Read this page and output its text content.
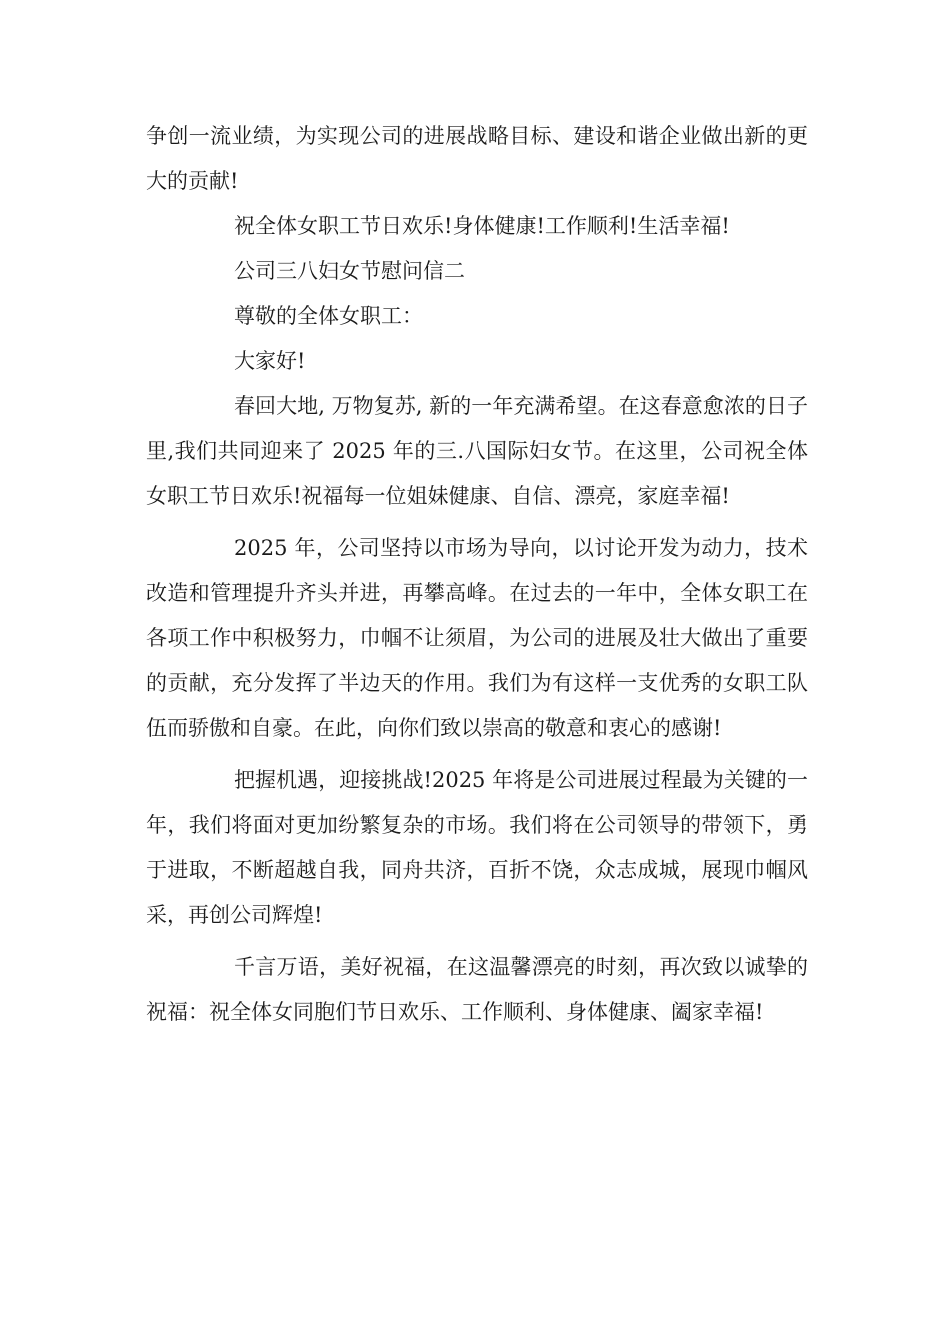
争创一流业绩，为实现公司的进展战略目标、建设和谐企业做出新的更大的贡献!

祝全体女职工节日欢乐!身体健康!工作顺利!生活幸福!

公司三八妇女节慰问信二

尊敬的全体女职工：

大家好!

春回大地, 万物复苏, 新的一年充满希望。在这春意愈浓的日子里,我们共同迎来了 2025 年的三.八国际妇女节。在这里，公司祝全体女职工节日欢乐!祝福每一位姐妹健康、自信、漂亮，家庭幸福!

2025 年，公司坚持以市场为导向，以讨论开发为动力，技术改造和管理提升齐头并进，再攀高峰。在过去的一年中，全体女职工在各项工作中积极努力，巾帼不让须眉，为公司的进展及壮大做出了重要的贡献，充分发挥了半边天的作用。我们为有这样一支优秀的女职工队伍而骄傲和自豪。在此，向你们致以崇高的敬意和衷心的感谢!

把握机遇，迎接挑战!2025 年将是公司进展过程最为关键的一年，我们将面对更加纷繁复杂的市场。我们将在公司领导的带领下，勇于进取，不断超越自我，同舟共济，百折不饶，众志成城，展现巾帼风采，再创公司辉煌!

千言万语，美好祝福，在这温馨漂亮的时刻，再次致以诚挚的祝福：祝全体女同胞们节日欢乐、工作顺利、身体健康、阖家幸福!
